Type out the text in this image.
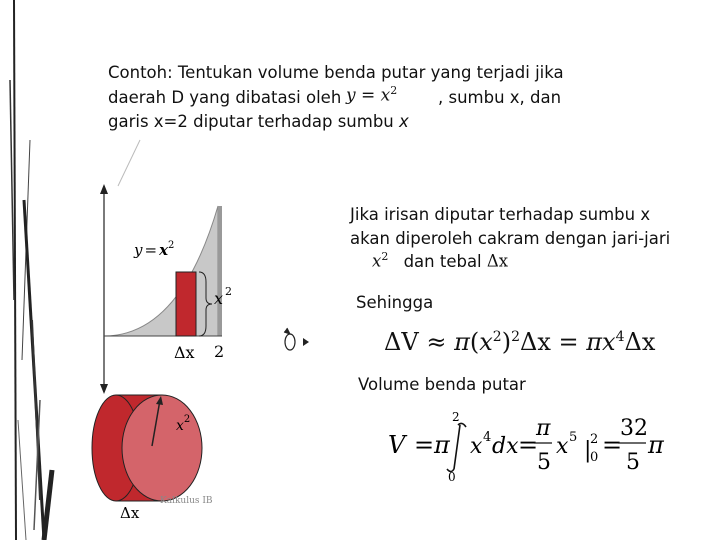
Contoh: Tentukan volume benda putar yang terjadi jika
daerah D yang dibatasi oleh $y = x^2$ , sumbu x, dan
garis x=2 diputar terhadap sumbu x
$y = x^2$
x $^2$
Δx 2
$x^2$
Δx
Kalkulus IB
Jika irisan diputar terhadap sumbu x
akan diperoleh cakram dengan jari-jari
$x^2$ dan tebal Δx
Sehingga
$\Delta V \approx \pi(x^2)^2\Delta x = \pi x^4\Delta x$
Volume benda putar
V = π
2
0
x 4 dx =
π
5
x 5
|
2
0 =
32
5
π
